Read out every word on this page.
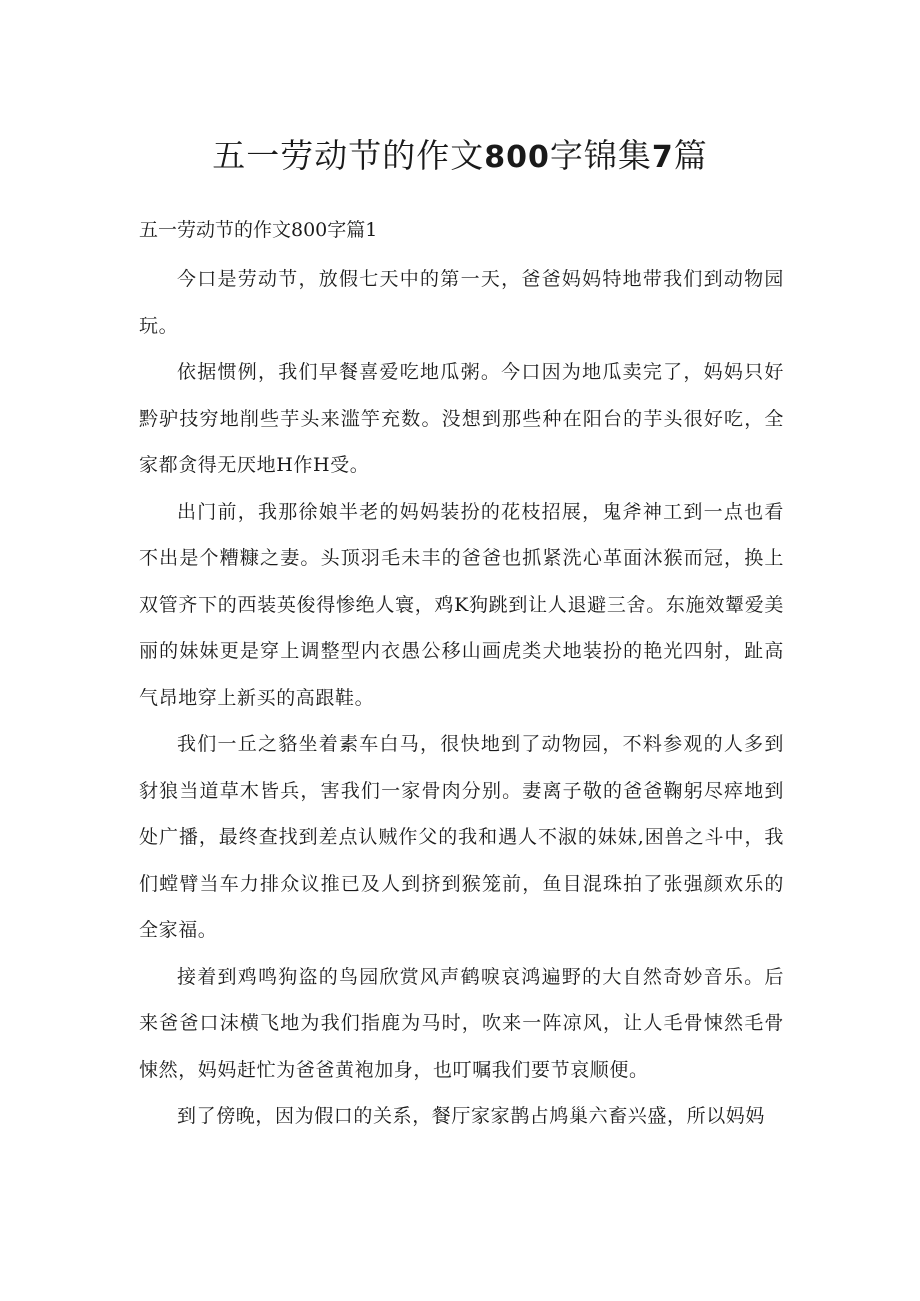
五一劳动节的作文800字锦集7篇

五一劳动节的作文800字篇1

今口是劳动节，放假七天中的第一天，爸爸妈妈特地带我们到动物园玩。

依据惯例，我们早餐喜爱吃地瓜粥。今口因为地瓜卖完了，妈妈只好黔驴技穷地削些芋头来滥竽充数。没想到那些种在阳台的芋头很好吃，全家都贪得无厌地H作H受。

出门前，我那徐娘半老的妈妈装扮的花枝招展，鬼斧神工到一点也看不出是个糟糠之妻。头顶羽毛未丰的爸爸也抓紧洗心革面沐猴而冠，换上双管齐下的西装英俊得惨绝人寰，鸡K狗跳到让人退避三舍。东施效颦爱美丽的妹妹更是穿上调整型内衣愚公移山画虎类犬地装扮的艳光四射，趾高气昂地穿上新买的高跟鞋。

我们一丘之貉坐着素车白马，很快地到了动物园，不料参观的人多到豺狼当道草木皆兵，害我们一家骨肉分别。妻离子敬的爸爸鞠躬尽瘁地到处广播，最终查找到差点认贼作父的我和遇人不淑的妹妹,困兽之斗中，我们螳臂当车力排众议推已及人到挤到猴笼前，鱼目混珠拍了张强颜欢乐的全家福。

接着到鸡鸣狗盗的鸟园欣赏风声鹤唳哀鸿遍野的大自然奇妙音乐。后来爸爸口沫横飞地为我们指鹿为马时，吹来一阵凉风，让人毛骨悚然毛骨悚然，妈妈赶忙为爸爸黄袍加身，也叮嘱我们要节哀顺便。

到了傍晚，因为假口的关系，餐厅家家鹊占鸠巢六畜兴盛，所以妈妈
